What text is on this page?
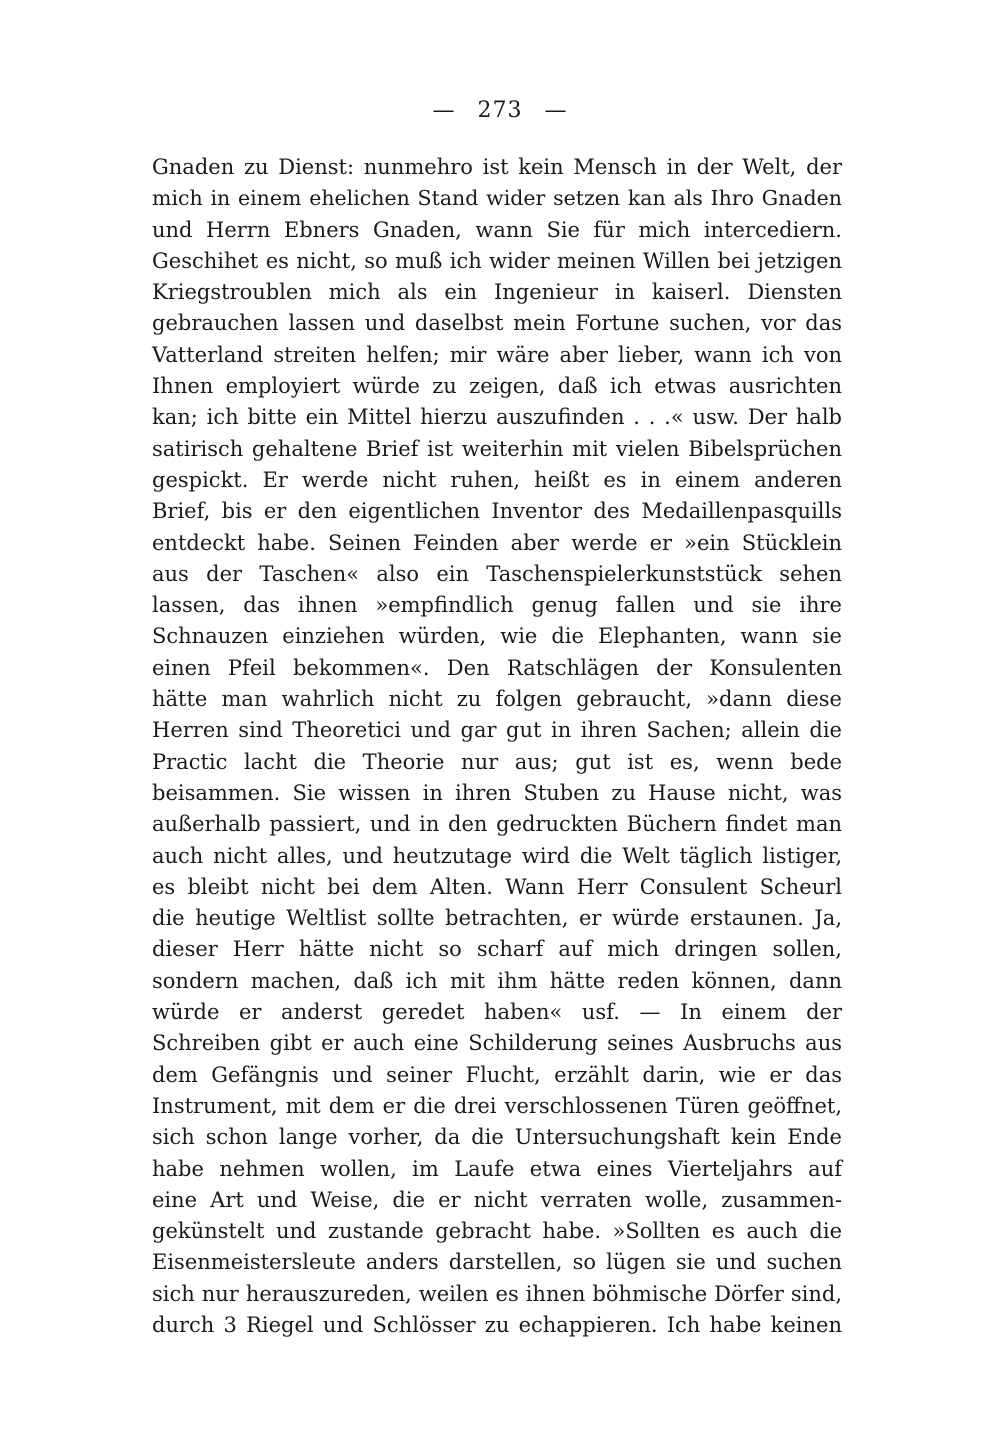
— 273 —
Gnaden zu Dienst: nunmehro ist kein Mensch in der Welt, der
mich in einem ehelichen Stand wider setzen kan als Ihro Gnaden
und Herrn Ebners Gnaden, wann Sie für mich intercediern.
Geschihet es nicht, so muß ich wider meinen Willen bei jetzigen
Kriegstroublen mich als ein Ingenieur in kaiserl. Diensten
gebrauchen lassen und daselbst mein Fortune suchen, vor das
Vatterland streiten helfen; mir wäre aber lieber, wann ich von
Ihnen employiert würde zu zeigen, daß ich etwas ausrichten
kan; ich bitte ein Mittel hierzu auszufinden . . .« usw. Der halb
satirisch gehaltene Brief ist weiterhin mit vielen Bibelsprüchen
gespickt. Er werde nicht ruhen, heißt es in einem anderen
Brief, bis er den eigentlichen Inventor des Medaillenpasquills
entdeckt habe. Seinen Feinden aber werde er »ein Stücklein
aus der Taschen« also ein Taschenspielerkunststück sehen
lassen, das ihnen »empfindlich genug fallen und sie ihre
Schnauzen einziehen würden, wie die Elephanten, wann sie
einen Pfeil bekommen«. Den Ratschlägen der Konsulenten
hätte man wahrlich nicht zu folgen gebraucht, »dann diese
Herren sind Theoretici und gar gut in ihren Sachen; allein die
Practic lacht die Theorie nur aus; gut ist es, wenn bede
beisammen. Sie wissen in ihren Stuben zu Hause nicht, was
außerhalb passiert, und in den gedruckten Büchern findet man
auch nicht alles, und heutzutage wird die Welt täglich listiger,
es bleibt nicht bei dem Alten. Wann Herr Consulent Scheurl
die heutige Weltlist sollte betrachten, er würde erstaunen. Ja,
dieser Herr hätte nicht so scharf auf mich dringen sollen,
sondern machen, daß ich mit ihm hätte reden können, dann
würde er anderst geredet haben« usf. — In einem der
Schreiben gibt er auch eine Schilderung seines Ausbruchs aus
dem Gefängnis und seiner Flucht, erzählt darin, wie er das
Instrument, mit dem er die drei verschlossenen Türen geöffnet,
sich schon lange vorher, da die Untersuchungshaft kein Ende
habe nehmen wollen, im Laufe etwa eines Vierteljahrs auf
eine Art und Weise, die er nicht verraten wolle, zusammen-
gekünstelt und zustande gebracht habe. »Sollten es auch die
Eisenmeistersleute anders darstellen, so lügen sie und suchen
sich nur herauszureden, weilen es ihnen böhmische Dörfer sind,
durch 3 Riegel und Schlösser zu echappieren. Ich habe keinen
